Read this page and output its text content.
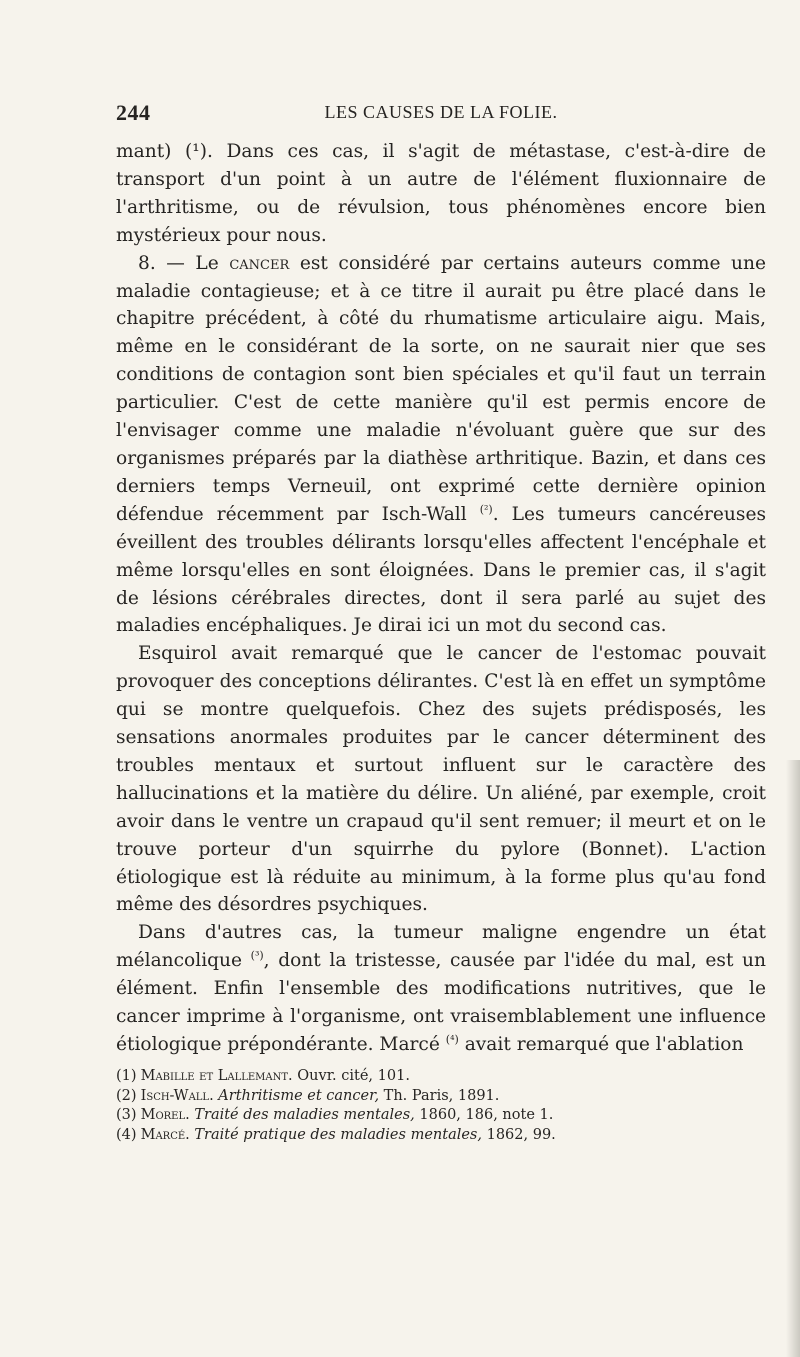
244	LES CAUSES DE LA FOLIE.

mant) (¹). Dans ces cas, il s'agit de métastase, c'est-à-dire de transport d'un point à un autre de l'élément fluxionnaire de l'arthritisme, ou de révulsion, tous phénomènes encore bien mystérieux pour nous.

8. — Le cancer est considéré par certains auteurs comme une maladie contagieuse; et à ce titre il aurait pu être placé dans le chapitre précédent, à côté du rhumatisme articulaire aigu. Mais, même en le considérant de la sorte, on ne saurait nier que ses conditions de contagion sont bien spéciales et qu'il faut un terrain particulier. C'est de cette manière qu'il est permis encore de l'envisager comme une maladie n'évoluant guère que sur des organismes préparés par la diathèse arthritique. Bazin, et dans ces derniers temps Verneuil, ont exprimé cette dernière opinion défendue récemment par Isch-Wall $^{(^2)}$. Les tumeurs cancéreuses éveillent des troubles délirants lorsqu'elles affectent l'encéphale et même lorsqu'elles en sont éloignées. Dans le premier cas, il s'agit de lésions cérébrales directes, dont il sera parlé au sujet des maladies encéphaliques. Je dirai ici un mot du second cas.

Esquirol avait remarqué que le cancer de l'estomac pouvait provoquer des conceptions délirantes. C'est là en effet un symptôme qui se montre quelquefois. Chez des sujets prédisposés, les sensations anormales produites par le cancer déterminent des troubles mentaux et surtout influent sur le caractère des hallucinations et la matière du délire. Un aliéné, par exemple, croit avoir dans le ventre un crapaud qu'il sent remuer; il meurt et on le trouve porteur d'un squirrhe du pylore (Bonnet). L'action étiologique est là réduite au minimum, à la forme plus qu'au fond même des désordres psychiques.

Dans d'autres cas, la tumeur maligne engendre un état mélancolique $^{(^3)}$, dont la tristesse, causée par l'idée du mal, est un élément. Enfin l'ensemble des modifications nutritives, que le cancer imprime à l'organisme, ont vraisemblablement une influence étiologique prépondérante. Marcé $^{(^4)}$ avait remarqué que l'ablation

(1) Mabille et Lallemant. Ouvr. cité, 101.
(2) Isch-Wall. Arthritisme et cancer, Th. Paris, 1891.
(3) Morel. Traité des maladies mentales, 1860, 186, note 1.
(4) Marcé. Traité pratique des maladies mentales, 1862, 99.
